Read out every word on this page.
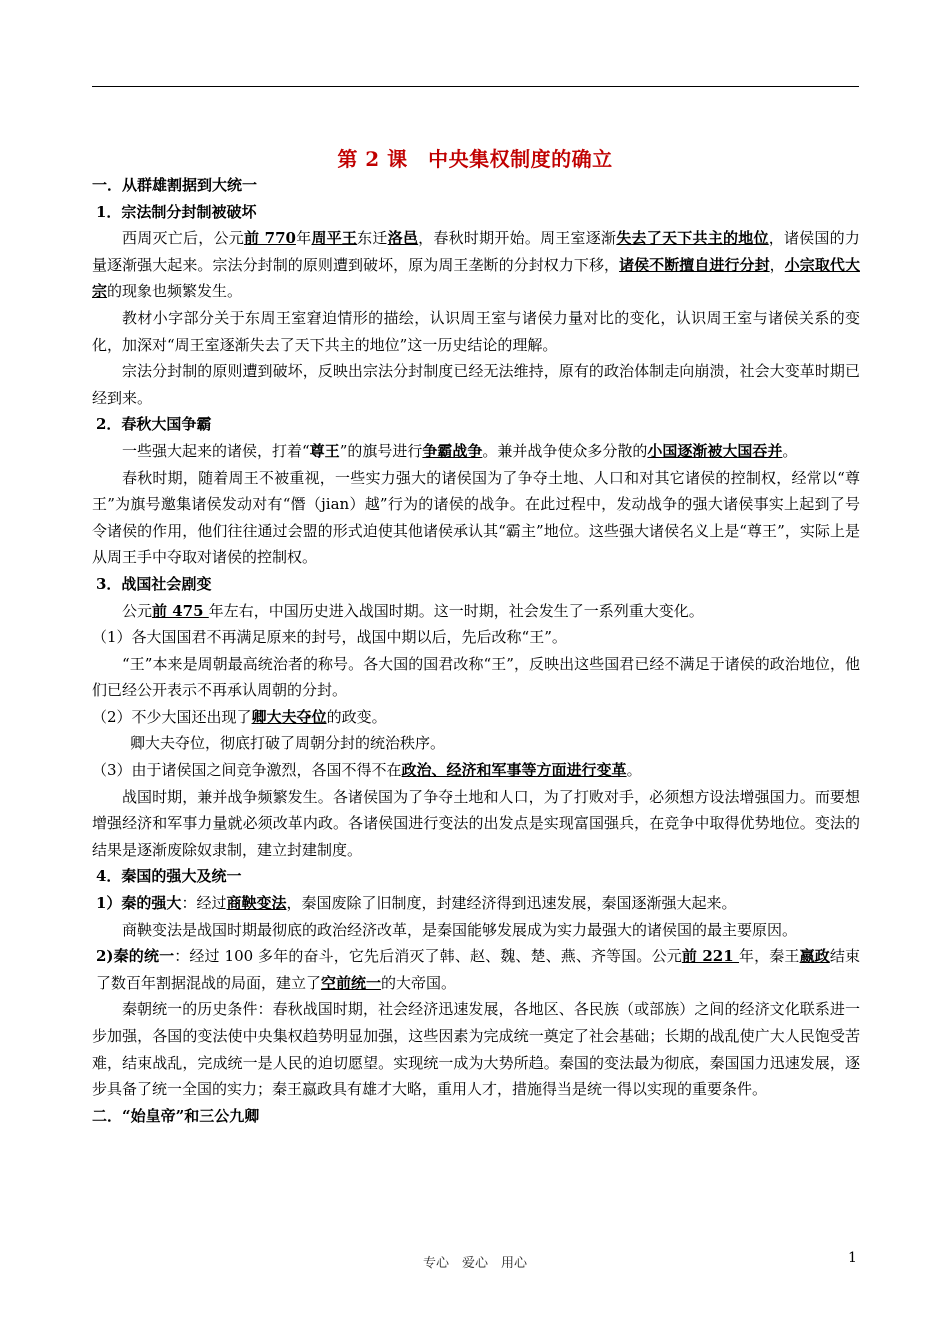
第 2 课　中央集权制度的确立

一．从群雄割据到大统一

1．宗法制分封制被破坏

西周灭亡后，公元前 770年周平王东迁洛邑，春秋时期开始。周王室逐渐失去了天下共主的地位，诸侯国的力量逐渐强大起来。宗法分封制的原则遭到破坏，原为周王垄断的分封权力下移，诸侯不断擅自进行分封，小宗取代大宗的现象也频繁发生。

教材小字部分关于东周王室窘迫情形的描绘，认识周王室与诸侯力量对比的变化，认识周王室与诸侯关系的变化，加深对“周王室逐渐失去了天下共主的地位”这一历史结论的理解。

宗法分封制的原则遭到破坏，反映出宗法分封制度已经无法维持，原有的政治体制走向崩溃，社会大变革时期已经到来。

2．春秋大国争霸

一些强大起来的诸侯，打着“尊王”的旗号进行争霸战争。兼并战争使众多分散的小国逐渐被大国吞并。

春秋时期，随着周王不被重视，一些实力强大的诸侯国为了争夺土地、人口和对其它诸侯的控制权，经常以“尊王”为旗号邀集诸侯发动对有“僭（jian）越”行为的诸侯的战争。在此过程中，发动战争的强大诸侯事实上起到了号令诸侯的作用，他们往往通过会盟的形式迫使其他诸侯承认其“霸主”地位。这些强大诸侯名义上是“尊王”，实际上是从周王手中夺取对诸侯的控制权。

3．战国社会剧变

公元前 475 年左右，中国历史进入战国时期。这一时期，社会发生了一系列重大变化。

（1）各大国国君不再满足原来的封号，战国中期以后，先后改称“王”。

“王”本来是周朝最高统治者的称号。各大国的国君改称“王”，反映出这些国君已经不满足于诸侯的政治地位，他们已经公开表示不再承认周朝的分封。

（2）不少大国还出现了卿大夫夺位的政变。

卿大夫夺位，彻底打破了周朝分封的统治秩序。

（3）由于诸侯国之间竞争激烈，各国不得不在政治、经济和军事等方面进行变革。

战国时期，兼并战争频繁发生。各诸侯国为了争夺土地和人口，为了打败对手，必须想方设法增强国力。而要想增强经济和军事力量就必须改革内政。各诸侯国进行变法的出发点是实现富国强兵，在竞争中取得优势地位。变法的结果是逐渐废除奴隶制，建立封建制度。

4．秦国的强大及统一

1）秦的强大：经过商鞅变法，秦国废除了旧制度，封建经济得到迅速发展，秦国逐渐强大起来。

商鞅变法是战国时期最彻底的政治经济改革，是秦国能够发展成为实力最强大的诸侯国的最主要原因。

2)秦的统一：经过 100 多年的奋斗，它先后消灭了韩、赵、魏、楚、燕、齐等国。公元前 221 年，秦王嬴政结束了数百年割据混战的局面，建立了空前统一的大帝国。

秦朝统一的历史条件：春秋战国时期，社会经济迅速发展，各地区、各民族（或部族）之间的经济文化联系进一步加强，各国的变法使中央集权趋势明显加强，这些因素为完成统一奠定了社会基础；长期的战乱使广大人民饱受苦难，结束战乱，完成统一是人民的迫切愿望。实现统一成为大势所趋。秦国的变法最为彻底，秦国国力迅速发展，逐步具备了统一全国的实力；秦王嬴政具有雄才大略，重用人才，措施得当是统一得以实现的重要条件。

二．“始皇帝”和三公九卿

专心　爱心　用心	1
